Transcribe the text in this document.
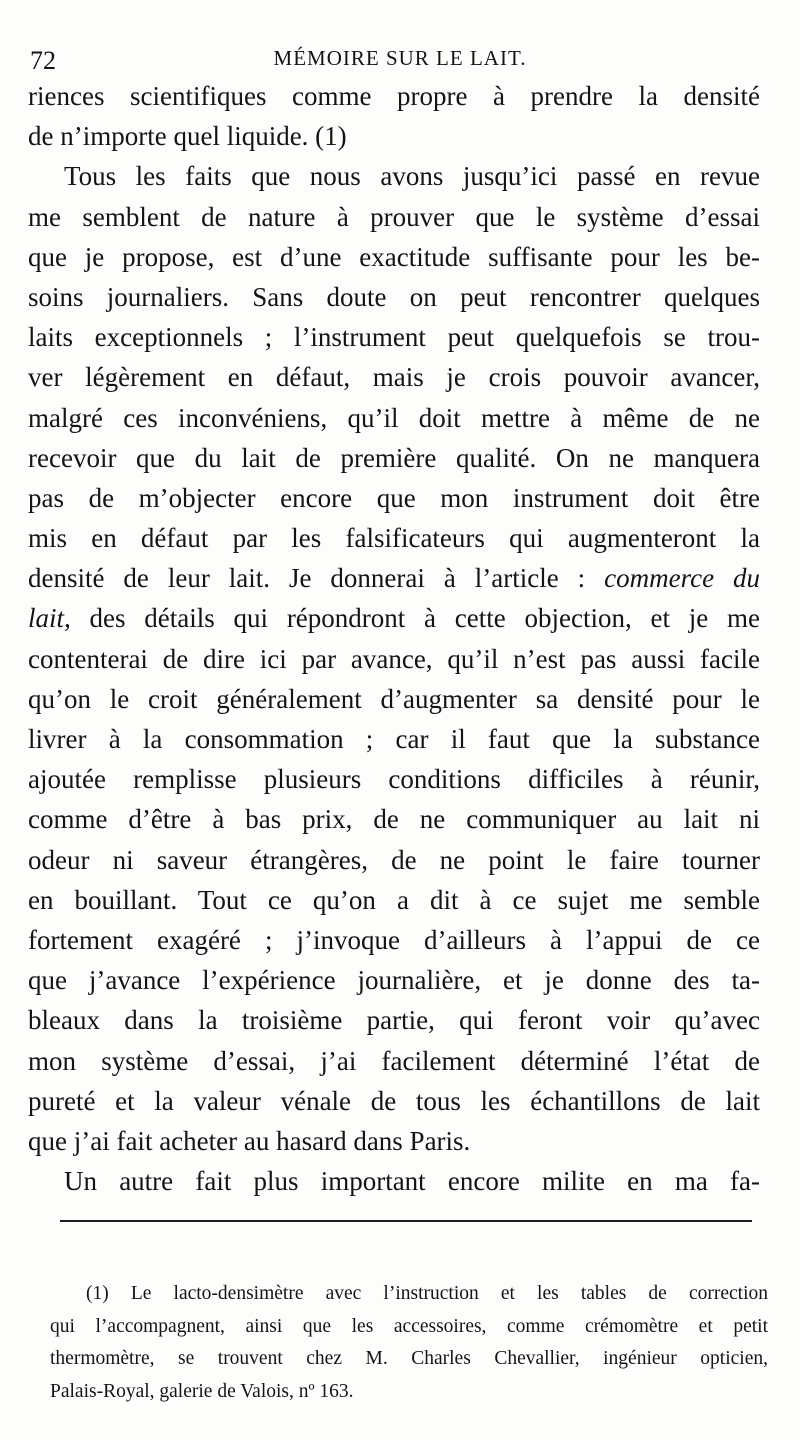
72	MÉMOIRE SUR LE LAIT.
riences scientifiques comme propre à prendre la densité
de n’importe quel liquide. (1)
Tous les faits que nous avons jusqu’ici passé en revue
me semblent de nature à prouver que le système d’essai
que je propose, est d’une exactitude suffisante pour les be-
soins journaliers. Sans doute on peut rencontrer quelques
laits exceptionnels ; l’instrument peut quelquefois se trou-
ver légèrement en défaut, mais je crois pouvoir avancer,
malgré ces inconvéniens, qu’il doit mettre à même de ne
recevoir que du lait de première qualité. On ne manquera
pas de m’objecter encore que mon instrument doit être
mis en défaut par les falsificateurs qui augmenteront la
densité de leur lait. Je donnerai à l’article : commerce du
lait, des détails qui répondront à cette objection, et je me
contenterai de dire ici par avance, qu’il n’est pas aussi facile
qu’on le croit généralement d’augmenter sa densité pour le
livrer à la consommation ; car il faut que la substance
ajoutée remplisse plusieurs conditions difficiles à réunir,
comme d’être à bas prix, de ne communiquer au lait ni
odeur ni saveur étrangères, de ne point le faire tourner
en bouillant. Tout ce qu’on a dit à ce sujet me semble
fortement exagéré ; j’invoque d’ailleurs à l’appui de ce
que j’avance l’expérience journalière, et je donne des ta-
bleaux dans la troisième partie, qui feront voir qu’avec
mon système d’essai, j’ai facilement déterminé l’état de
pureté et la valeur vénale de tous les échantillons de lait
que j’ai fait acheter au hasard dans Paris.
Un autre fait plus important encore milite en ma fa-
(1) Le lacto-densimètre avec l’instruction et les tables de correction
qui l’accompagnent, ainsi que les accessoires, comme crémomètre et petit
thermomètre, se trouvent chez M. Charles Chevallier, ingénieur opticien,
Palais-Royal, galerie de Valois, nº 163.
